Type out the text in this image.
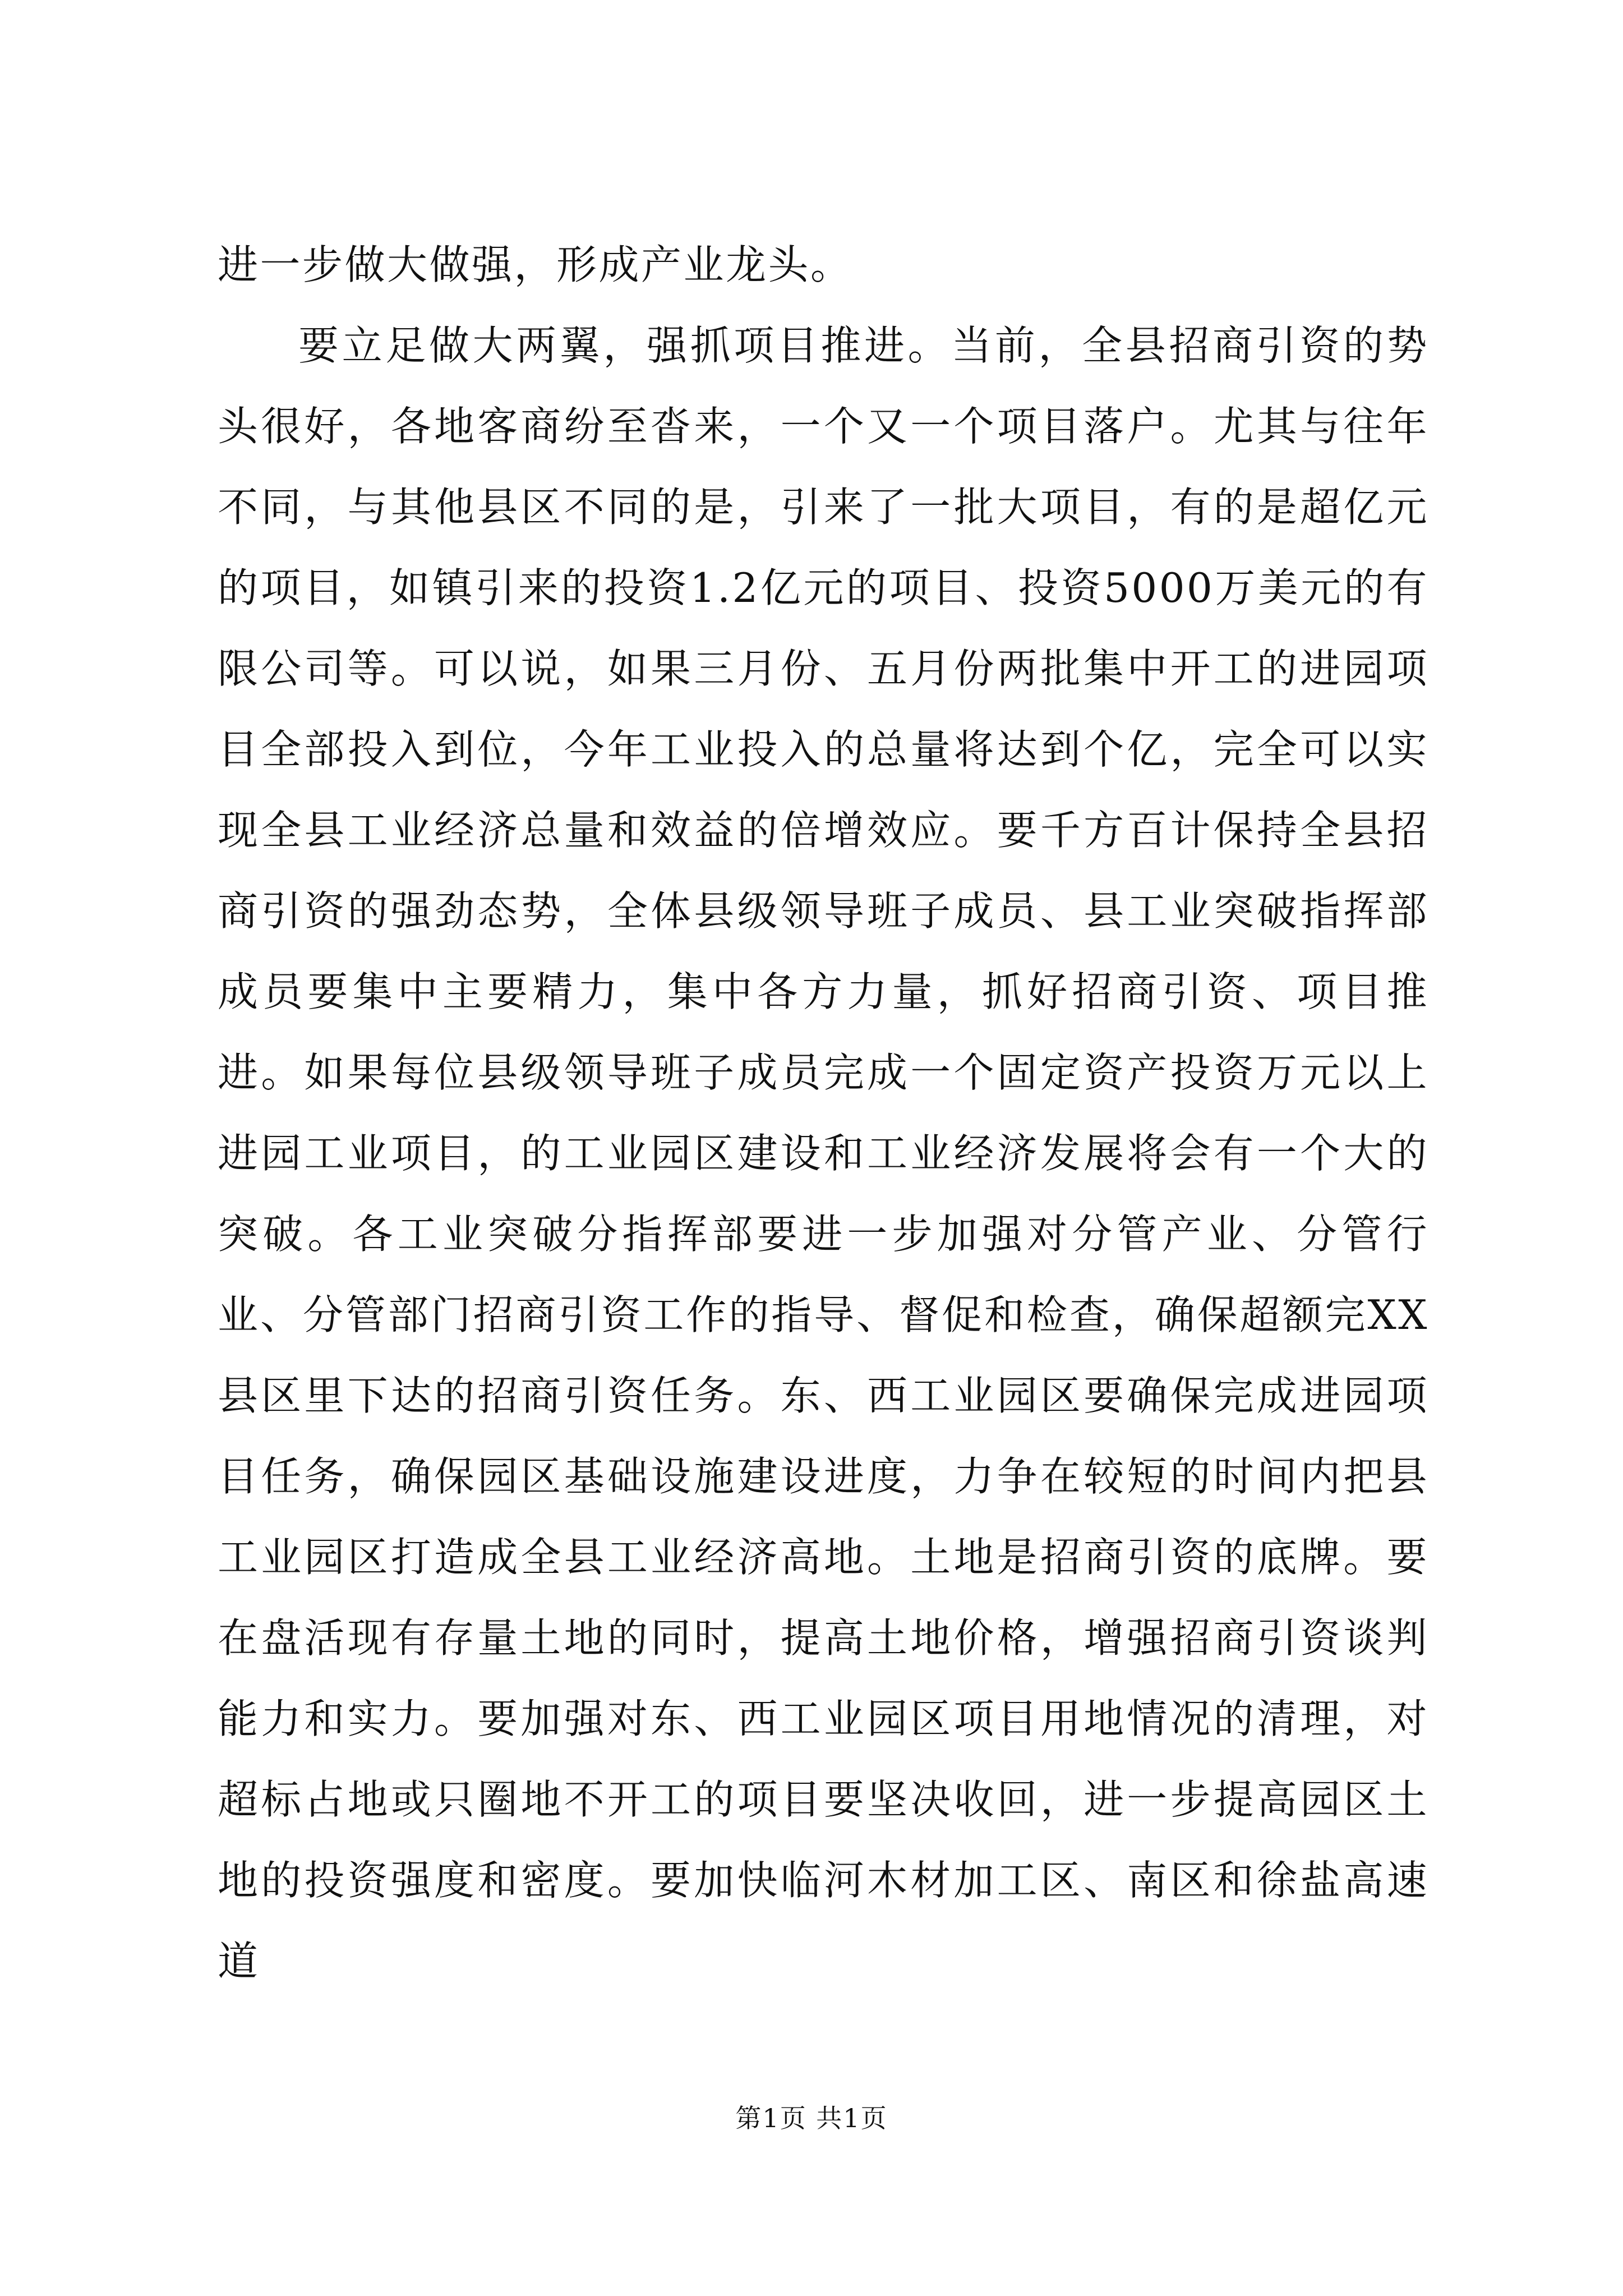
进一步做大做强，形成产业龙头。

要立足做大两翼，强抓项目推进。当前，全县招商引资的势头很好，各地客商纷至沓来，一个又一个项目落户。尤其与往年不同，与其他县区不同的是，引来了一批大项目，有的是超亿元的项目，如镇引来的投资1.2亿元的项目、投资5000万美元的有限公司等。可以说，如果三月份、五月份两批集中开工的进园项目全部投入到位，今年工业投入的总量将达到个亿，完全可以实现全县工业经济总量和效益的倍增效应。要千方百计保持全县招商引资的强劲态势，全体县级领导班子成员、县工业突破指挥部成员要集中主要精力，集中各方力量，抓好招商引资、项目推进。如果每位县级领导班子成员完成一个固定资产投资万元以上进园工业项目，的工业园区建设和工业经济发展将会有一个大的突破。各工业突破分指挥部要进一步加强对分管产业、分管行业、分管部门招商引资工作的指导、督促和检查，确保超额完XX县区里下达的招商引资任务。东、西工业园区要确保完成进园项目任务，确保园区基础设施建设进度，力争在较短的时间内把县工业园区打造成全县工业经济高地。土地是招商引资的底牌。要在盘活现有存量土地的同时，提高土地价格，增强招商引资谈判能力和实力。要加强对东、西工业园区项目用地情况的清理，对超标占地或只圈地不开工的项目要坚决收回，进一步提高园区土地的投资强度和密度。要加快临河木材加工区、南区和徐盐高速道

第1页 共1页
